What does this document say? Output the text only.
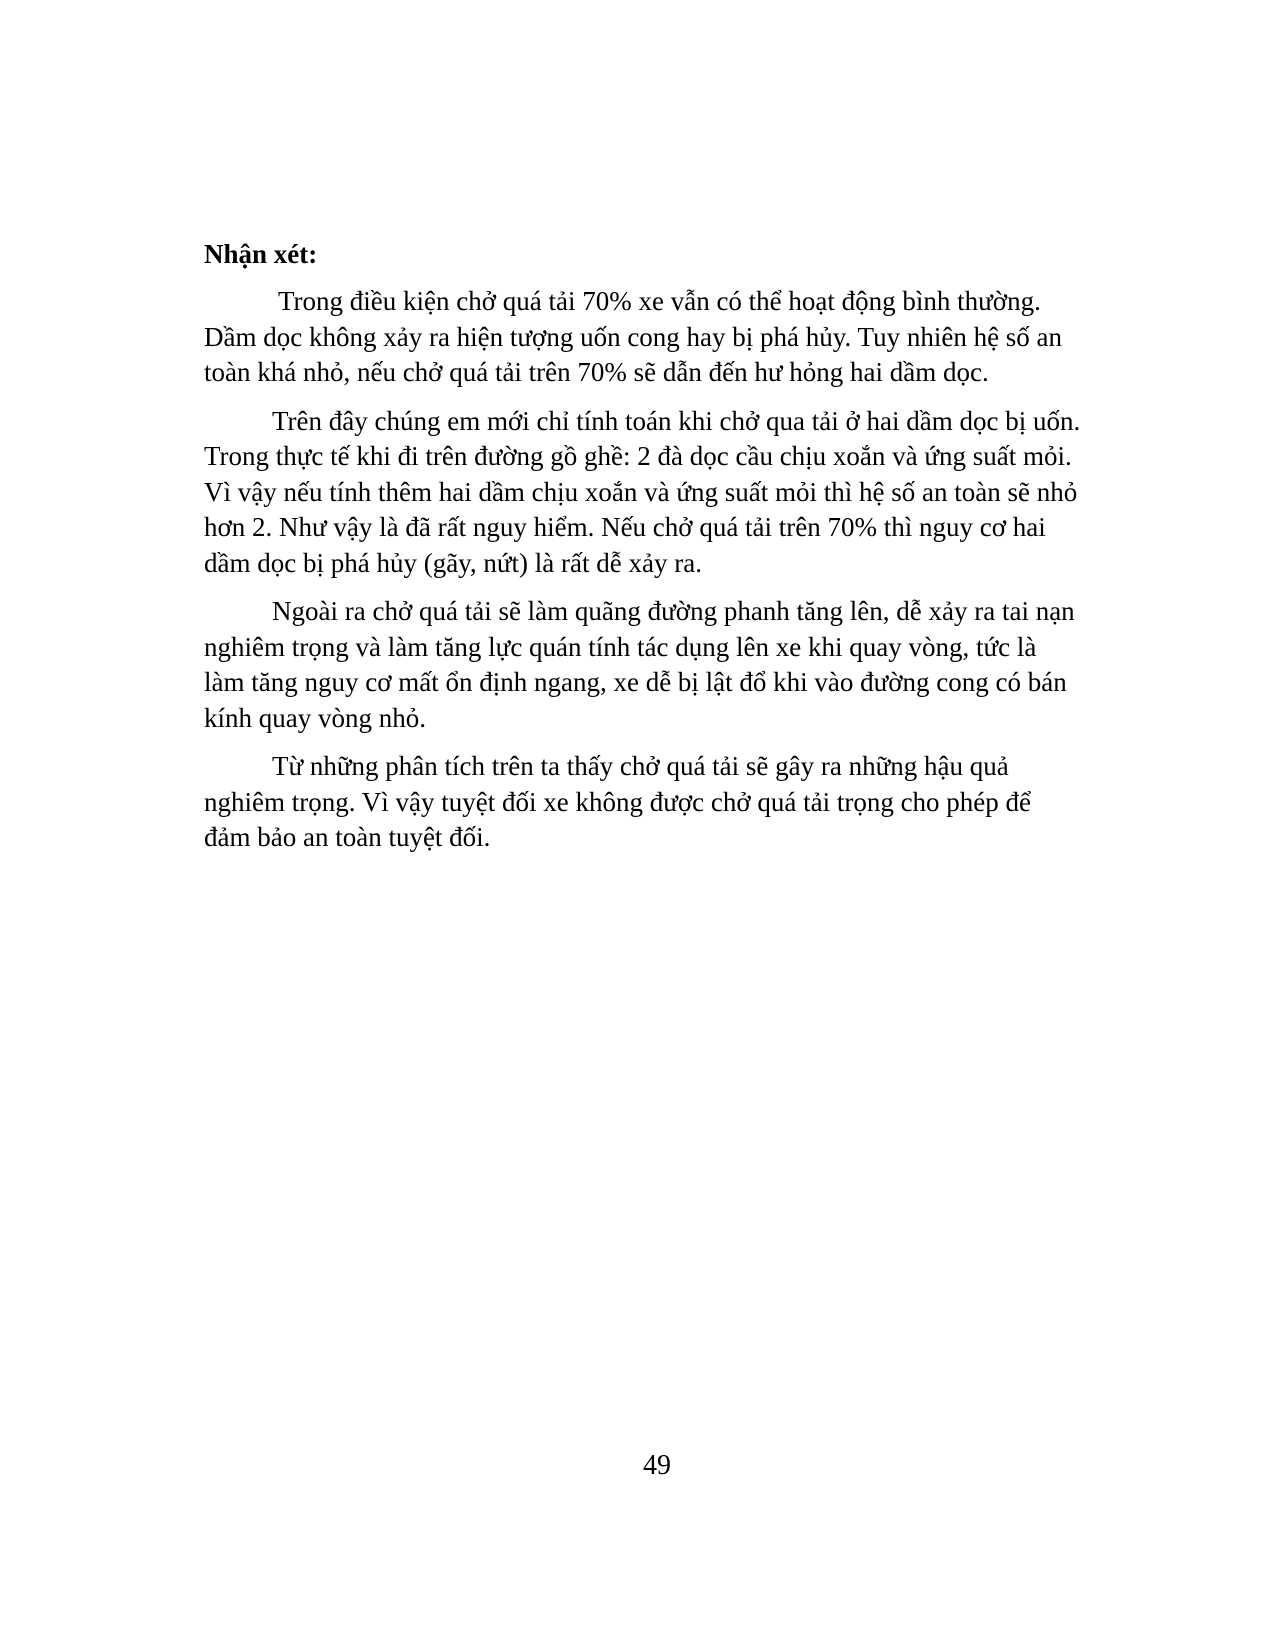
Nhận xét:

Trong điều kiện chở quá tải 70% xe vẫn có thể hoạt động bình thường.
Dầm dọc không xảy ra hiện tượng uốn cong hay bị phá hủy. Tuy nhiên hệ số an
toàn khá nhỏ, nếu chở quá tải trên 70% sẽ dẫn đến hư hỏng hai dầm dọc.

Trên đây chúng em mới chỉ tính toán khi chở qua tải ở hai dầm dọc bị uốn.
Trong thực tế khi đi trên đường gồ ghề: 2 đà dọc cầu chịu xoắn và ứng suất mỏi.
Vì vậy nếu tính thêm hai dầm chịu xoắn và ứng suất mỏi thì hệ số an toàn sẽ nhỏ
hơn 2. Như vậy là đã rất nguy hiểm. Nếu chở quá tải trên 70% thì nguy cơ hai
dầm dọc bị phá hủy (gãy, nứt) là rất dễ xảy ra.

Ngoài ra chở quá tải sẽ làm quãng đường phanh tăng lên, dễ xảy ra tai nạn
nghiêm trọng và làm tăng lực quán tính tác dụng lên xe khi quay vòng, tức là
làm tăng nguy cơ mất ổn định ngang, xe dễ bị lật đổ khi vào đường cong có bán
kính quay vòng nhỏ.

Từ những phân tích trên ta thấy chở quá tải sẽ gây ra những hậu quả
nghiêm trọng. Vì vậy tuyệt đối xe không được chở quá tải trọng cho phép để
đảm bảo an toàn tuyệt đối.

49
